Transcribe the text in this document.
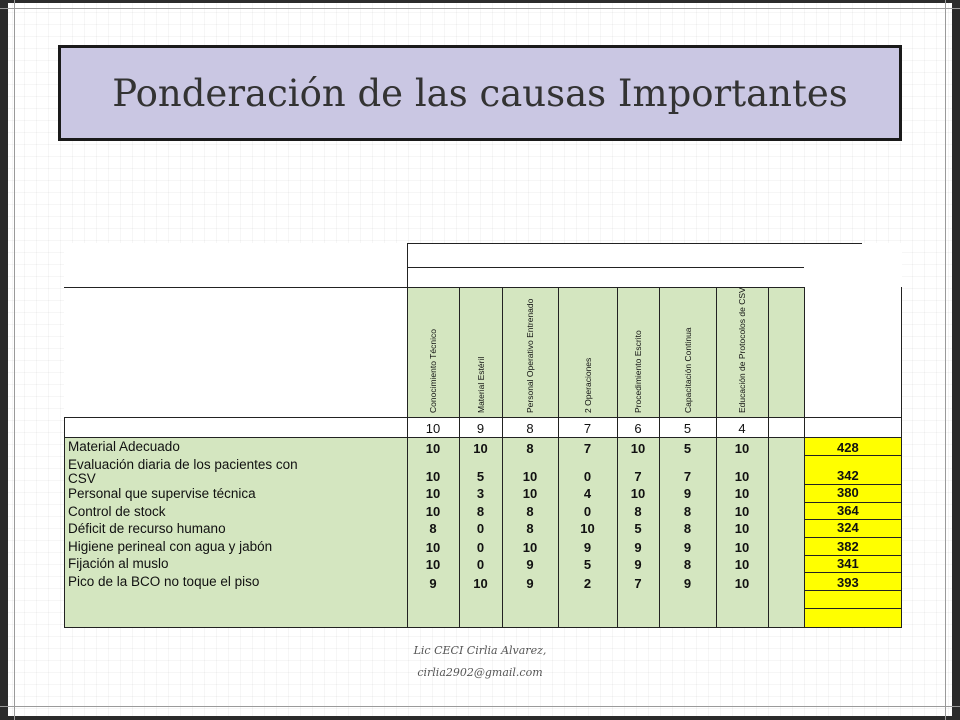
Ponderación de las causas Importantes
Conocimiento Técnico	Material Estéril	Personal Operativo Entrenado	2 Operaciones	Procedimiento Escrito	Capacitación Continua	Educación de Protocolos de CSV
10	9	8	7	6	5	4
Material Adecuado	10	10	8	7	10	5	10	428
Evaluación diaria de los pacientes con
CSV	10	5	10	0	7	7	10	342
Personal que supervise técnica	10	3	10	4	10	9	10	380
Control de stock	10	8	8	0	8	8	10	364
Déficit de recurso humano	8	0	8	10	5	8	10	324
Higiene perineal con agua y jabón	10	0	10	9	9	9	10	382
Fijación al muslo	10	0	9	5	9	8	10	341
Pico de la BCO no toque el piso	9	10	9	2	7	9	10	393
Lic CECI Cirlia Alvarez,
cirlia2902@gmail.com
